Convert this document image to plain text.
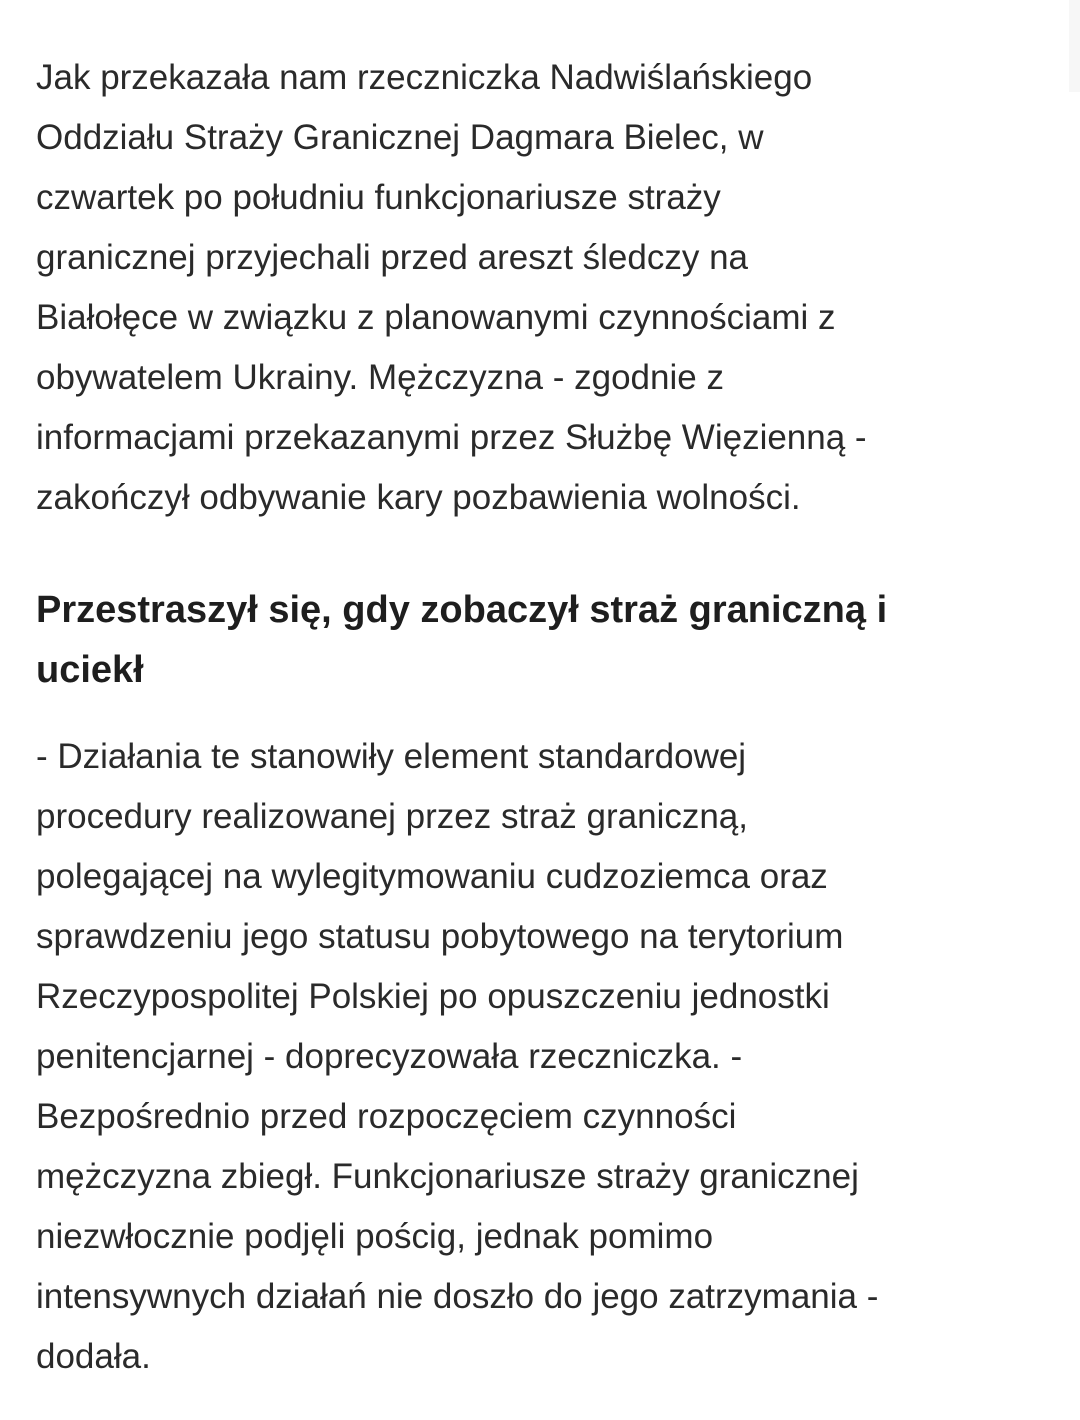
Jak przekazała nam rzeczniczka Nadwiślańskiego
Oddziału Straży Granicznej Dagmara Bielec, w
czwartek po południu funkcjonariusze straży
granicznej przyjechali przed areszt śledczy na
Białołęce w związku z planowanymi czynnościami z
obywatelem Ukrainy. Mężczyzna - zgodnie z
informacjami przekazanymi przez Służbę Więzienną -
zakończył odbywanie kary pozbawienia wolności.

Przestraszył się, gdy zobaczył straż graniczną i
uciekł

- Działania te stanowiły element standardowej
procedury realizowanej przez straż graniczną,
polegającej na wylegitymowaniu cudzoziemca oraz
sprawdzeniu jego statusu pobytowego na terytorium
Rzeczypospolitej Polskiej po opuszczeniu jednostki
penitencjarnej - doprecyzowała rzeczniczka. -
Bezpośrednio przed rozpoczęciem czynności
mężczyzna zbiegł. Funkcjonariusze straży granicznej
niezwłocznie podjęli pościg, jednak pomimo
intensywnych działań nie doszło do jego zatrzymania -
dodała.
